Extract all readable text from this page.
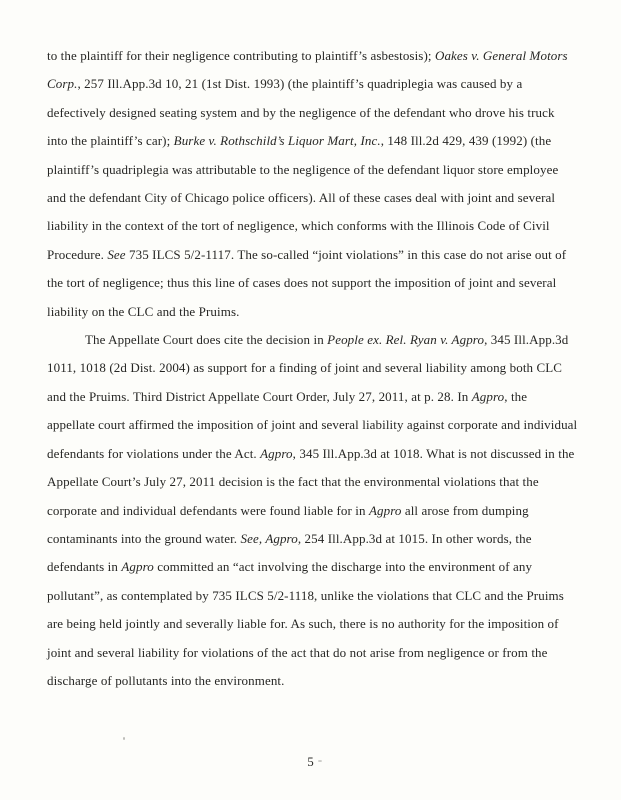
to the plaintiff for their negligence contributing to plaintiff’s asbestosis); Oakes v. General Motors Corp., 257 Ill.App.3d 10, 21 (1st Dist. 1993) (the plaintiff’s quadriplegia was caused by a defectively designed seating system and by the negligence of the defendant who drove his truck into the plaintiff’s car); Burke v. Rothschild’s Liquor Mart, Inc., 148 Ill.2d 429, 439 (1992) (the plaintiff’s quadriplegia was attributable to the negligence of the defendant liquor store employee and the defendant City of Chicago police officers). All of these cases deal with joint and several liability in the context of the tort of negligence, which conforms with the Illinois Code of Civil Procedure. See 735 ILCS 5/2-1117. The so-called “joint violations” in this case do not arise out of the tort of negligence; thus this line of cases does not support the imposition of joint and several liability on the CLC and the Pruims.

The Appellate Court does cite the decision in People ex. Rel. Ryan v. Agpro, 345 Ill.App.3d 1011, 1018 (2d Dist. 2004) as support for a finding of joint and several liability among both CLC and the Pruims. Third District Appellate Court Order, July 27, 2011, at p. 28. In Agpro, the appellate court affirmed the imposition of joint and several liability against corporate and individual defendants for violations under the Act. Agpro, 345 Ill.App.3d at 1018. What is not discussed in the Appellate Court’s July 27, 2011 decision is the fact that the environmental violations that the corporate and individual defendants were found liable for in Agpro all arose from dumping contaminants into the ground water. See, Agpro, 254 Ill.App.3d at 1015. In other words, the defendants in Agpro committed an “act involving the discharge into the environment of any pollutant”, as contemplated by 735 ILCS 5/2-1118, unlike the violations that CLC and the Pruims are being held jointly and severally liable for. As such, there is no authority for the imposition of joint and several liability for violations of the act that do not arise from negligence or from the discharge of pollutants into the environment.

5
